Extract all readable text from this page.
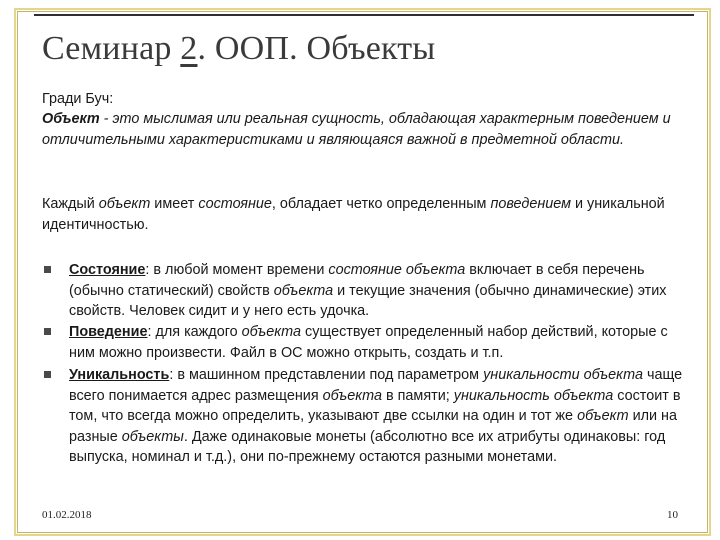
Семинар 2. ООП. Объекты
Гради Буч:
Объект - это мыслимая или реальная сущность, обладающая характерным поведением и отличительными характеристиками и являющаяся важной в предметной области.
Каждый объект имеет состояние, обладает четко определенным поведением и уникальной идентичностью.
Состояние: в любой момент времени состояние объекта включает в себя перечень (обычно статический) свойств объекта и текущие значения (обычно динамические) этих свойств. Человек сидит и у него есть удочка.
Поведение: для каждого объекта существует определенный набор действий, которые с ним можно произвести. Файл в ОС можно открыть, создать и т.п.
Уникальность: в машинном представлении под параметром уникальности объекта чаще всего понимается адрес размещения объекта в памяти; уникальность объекта состоит в том, что всегда можно определить, указывают две ссылки на один и тот же объект или на разные объекты. Даже одинаковые монеты (абсолютно все их атрибуты одинаковы: год выпуска, номинал и т.д.), они по-прежнему остаются разными монетами.
01.02.2018	10
